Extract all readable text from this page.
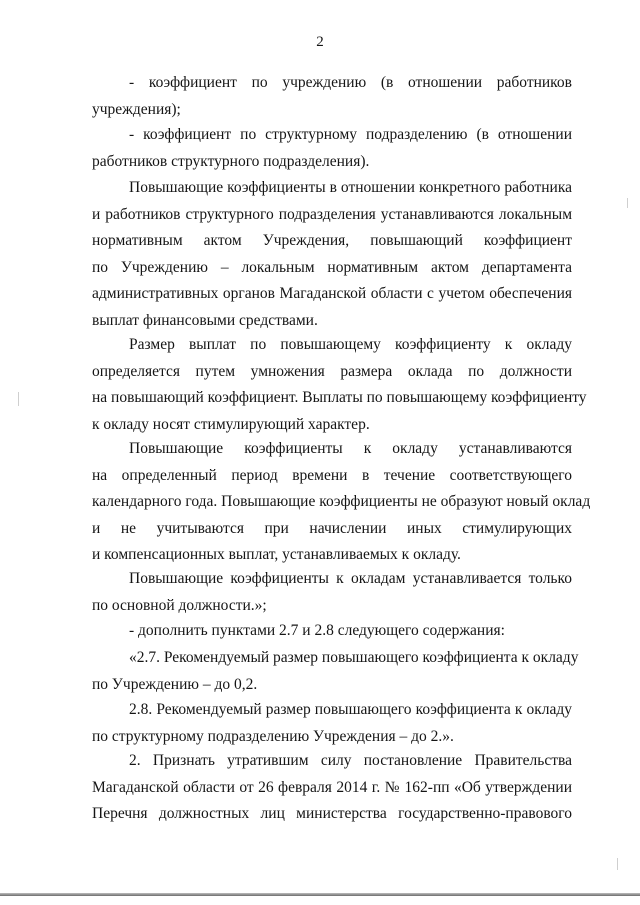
2
- коэффициент по учреждению (в отношении работников
учреждения);
- коэффициент по структурному подразделению (в отношении
работников структурного подразделения).
Повышающие коэффициенты в отношении конкретного работника
и работников структурного подразделения устанавливаются локальным
нормативным актом Учреждения, повышающий коэффициент
по Учреждению – локальным нормативным актом департамента
административных органов Магаданской области с учетом обеспечения
выплат финансовыми средствами.
Размер выплат по повышающему коэффициенту к окладу
определяется путем умножения размера оклада по должности
на повышающий коэффициент. Выплаты по повышающему коэффициенту
к окладу носят стимулирующий характер.
Повышающие коэффициенты к окладу устанавливаются
на определенный период времени в течение соответствующего
календарного года. Повышающие коэффициенты не образуют новый оклад
и не учитываются при начислении иных стимулирующих
и компенсационных выплат, устанавливаемых к окладу.
Повышающие коэффициенты к окладам устанавливается только
по основной должности.»;
- дополнить пунктами 2.7 и 2.8 следующего содержания:
«2.7. Рекомендуемый размер повышающего коэффициента к окладу
по Учреждению – до 0,2.
2.8. Рекомендуемый размер повышающего коэффициента к окладу
по структурному подразделению Учреждения – до 2.».
2. Признать утратившим силу постановление Правительства
Магаданской области от 26 февраля 2014 г. № 162-пп «Об утверждении
Перечня должностных лиц министерства государственно-правового
